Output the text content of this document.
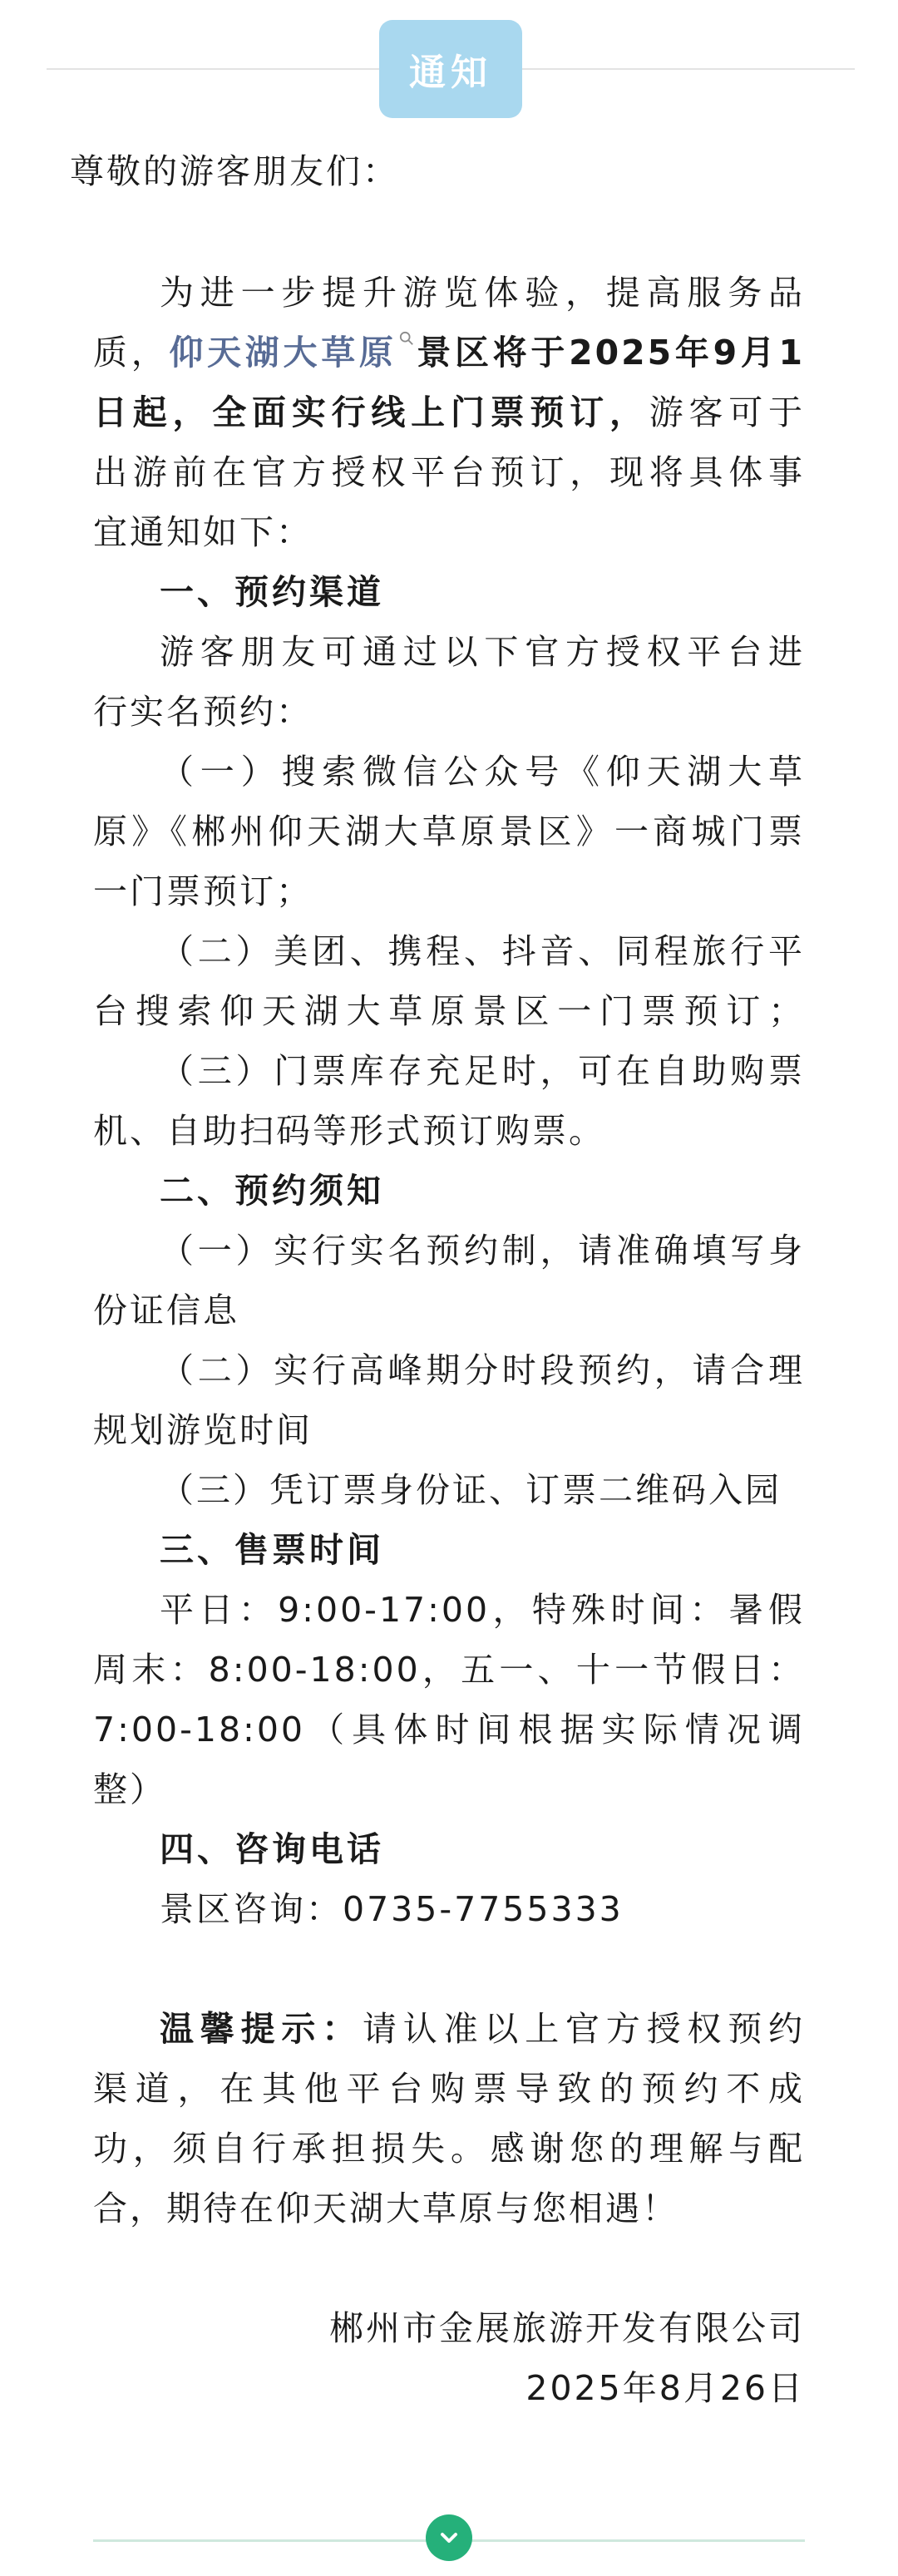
通知
尊敬的游客朋友们：
为进一步提升游览体验，提高服务品
质，仰天湖大草原 景区将于2025年9月1
日起，全面实行线上门票预订，游客可于
出游前在官方授权平台预订，现将具体事
宜通知如下：
一、预约渠道
游客朋友可通过以下官方授权平台进
行实名预约：
（一）搜索微信公众号《仰天湖大草
原》《郴州仰天湖大草原景区》一商城门票
一门票预订；
（二）美团、携程、抖音、同程旅行平
台搜索仰天湖大草原景区一门票预订；
（三）门票库存充足时，可在自助购票
机、自助扫码等形式预订购票。
二、预约须知
（一）实行实名预约制，请准确填写身
份证信息
（二）实行高峰期分时段预约，请合理
规划游览时间
（三）凭订票身份证、订票二维码入园
三、售票时间
平日：9:00-17:00，特殊时间：暑假
周末：8:00-18:00，五一、十一节假日：
7:00-18:00（具体时间根据实际情况调
整）
四、咨询电话
景区咨询：0735-7755333
温馨提示：请认准以上官方授权预约
渠道，在其他平台购票导致的预约不成
功，须自行承担损失。感谢您的理解与配
合，期待在仰天湖大草原与您相遇！
郴州市金展旅游开发有限公司
2025年8月26日
